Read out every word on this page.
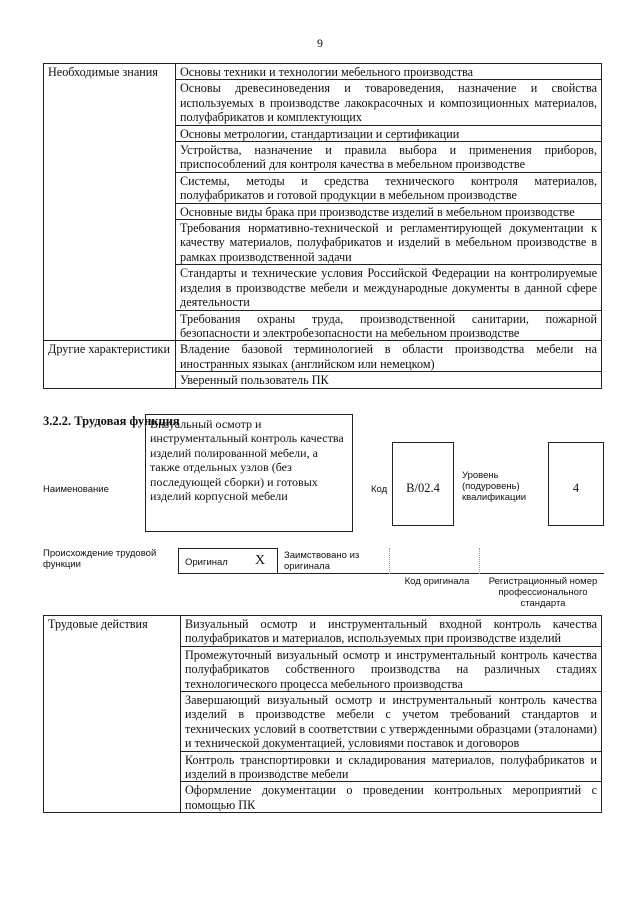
9
Необходимые знания	Основы техники и технологии мебельного производства
	Основы древесиноведения и товароведения, назначение и свойства используемых в производстве лакокрасочных и композиционных материалов, полуфабрикатов и комплектующих
	Основы метрологии, стандартизации и сертификации
	Устройства, назначение и правила выбора и применения приборов, приспособлений для контроля качества в мебельном производстве
	Системы, методы и средства технического контроля материалов, полуфабрикатов и готовой продукции в мебельном производстве
	Основные виды брака при производстве изделий в мебельном производстве
	Требования нормативно-технической и регламентирующей документации к качеству материалов, полуфабрикатов и изделий в мебельном производстве в рамках производственной задачи
	Стандарты и технические условия Российской Федерации на контролируемые изделия в производстве мебели и международные документы в данной сфере деятельности
	Требования охраны труда, производственной санитарии, пожарной безопасности и электробезопасности на мебельном производстве
Другие характеристики	Владение базовой терминологией в области производства мебели на иностранных языках (английском или немецком)
	Уверенный пользователь ПК
3.2.2. Трудовая функция
Наименование
Визуальный осмотр и инструментальный контроль качества изделий полированной мебели, а также отдельных узлов (без последующей сборки) и готовых изделий корпусной мебели	Код	В/02.4
Уровень (подуровень) квалификации
4
Происхождение трудовой функции	Оригинал X Заимствовано из оригинала
Код оригинала	Регистрационный номер профессионального стандарта
Трудовые действия	Визуальный осмотр и инструментальный входной контроль качества полуфабрикатов и материалов, используемых при производстве изделий
Промежуточный визуальный осмотр и инструментальный контроль качества полуфабрикатов собственного производства на различных стадиях технологического процесса мебельного производства
Завершающий визуальный осмотр и инструментальный контроль качества изделий в производстве мебели с учетом требований стандартов и технических условий в соответствии с утвержденными образцами (эталонами) и технической документацией, условиями поставок и договоров
Контроль транспортировки и складирования материалов, полуфабрикатов и изделий в производстве мебели
Оформление документации о проведении контрольных мероприятий с помощью ПК
